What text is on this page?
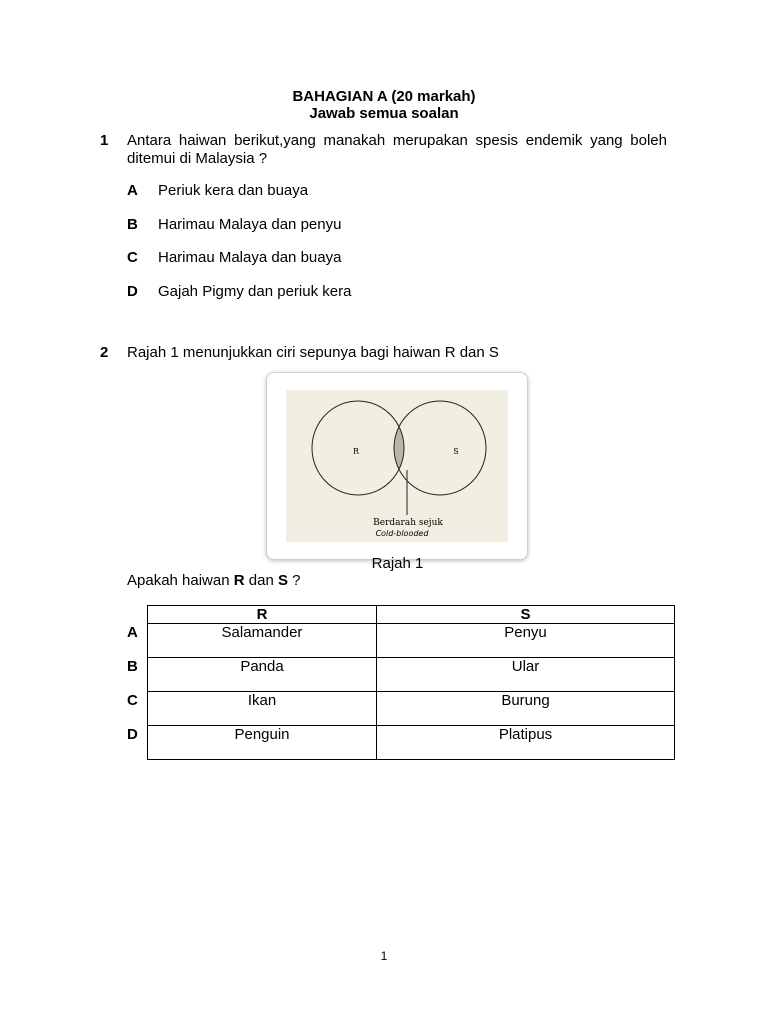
BAHAGIAN A (20 markah)
Jawab semua soalan
1 Antara haiwan berikut,yang manakah merupakan spesis endemik yang boleh ditemui di Malaysia ?
A Periuk kera dan buaya
B Harimau Malaya dan penyu
C Harimau Malaya dan buaya
D Gajah Pigmy dan periuk kera
2 Rajah 1 menunjukkan ciri sepunya bagi haiwan R dan S
R	S
Berdarah sejuk
Cold-blooded
Rajah 1
Apakah haiwan R dan S ?
A
B
C
D
R	S
Salamander	Penyu
Panda	Ular
Ikan	Burung
Penguin	Platipus
1
